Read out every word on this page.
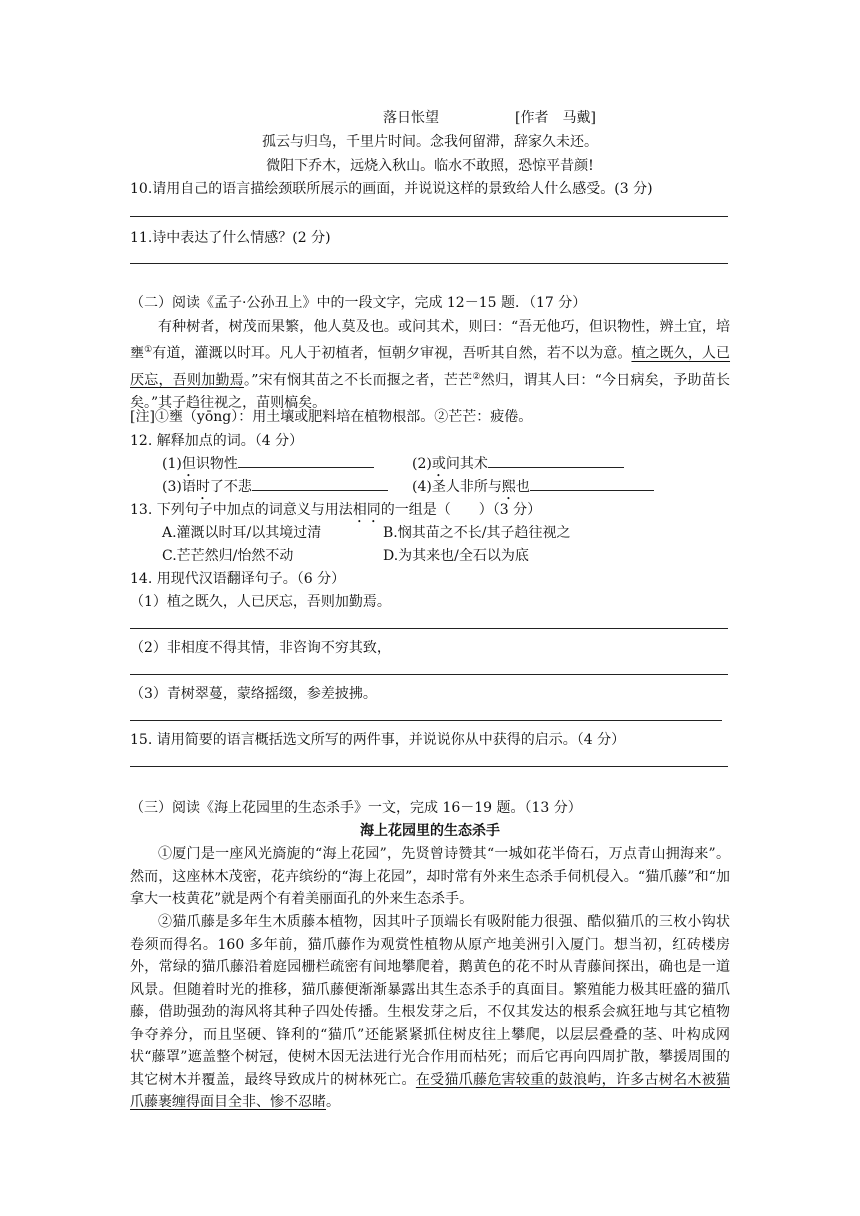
落日怅望	[作者　马戴]
孤云与归鸟，千里片时间。念我何留滞，辞家久未还。
微阳下乔木，远烧入秋山。临水不敢照，恐惊平昔颜!
10.请用自己的语言描绘颈联所展示的画面，并说说这样的景致给人什么感受。(3 分)
11.诗中表达了什么情感？(2 分)
（二）阅读《孟子·公孙丑上》中的一段文字，完成 12－15 题．（17 分）
有种树者，树茂而果繁，他人莫及也。或问其术，则曰：“吾无他巧，但识物性，辨土宜，培壅①有道，灌溉以时耳。凡人于初植者，恒朝夕审视，吾听其自然，若不以为意。植之既久，人已厌忘，吾则加勤焉。”宋有悯其苗之不长而揠之者，芒芒②然归，谓其人曰：“今日病矣，予助苗长矣。”其子趋往视之，苗则槁矣。
[注]①壅（yōng）：用土壤或肥料培在植物根部。②芒芒：疲倦。
12. 解释加点的词。（4 分）
(1)但识物性	(2)或问其术
(3)语时了不悲	(4)圣人非所与熙也
13. 下列句子中加点的词意义与用法相同的一组是（　　）（3 分）
A.灌溉以时耳/以其境过清	B.悯其苗之不长/其子趋往视之
C.芒芒然归/怡然不动	D.为其来也/全石以为底
14. 用现代汉语翻译句子。（6 分）
（1）植之既久，人已厌忘，吾则加勤焉。
（2）非相度不得其情，非咨询不穷其致，
（3）青树翠蔓，蒙络摇缀，参差披拂。
15. 请用简要的语言概括选文所写的两件事，并说说你从中获得的启示。（4 分）
（三）阅读《海上花园里的生态杀手》一文，完成 16－19 题。（13 分）
海上花园里的生态杀手
①厦门是一座风光旖旎的“海上花园”，先贤曾诗赞其“一城如花半倚石，万点青山拥海来”。然而，这座林木茂密，花卉缤纷的“海上花园”，却时常有外来生态杀手伺机侵入。“猫爪藤”和“加拿大一枝黄花”就是两个有着美丽面孔的外来生态杀手。
②猫爪藤是多年生木质藤本植物，因其叶子顶端长有吸附能力很强、酷似猫爪的三枚小钩状卷须而得名。160 多年前，猫爪藤作为观赏性植物从原产地美洲引入厦门。想当初，红砖楼房外，常绿的猫爪藤沿着庭园栅栏疏密有间地攀爬着，鹅黄色的花不时从青藤间探出，确也是一道风景。但随着时光的推移，猫爪藤便渐渐暴露出其生态杀手的真面目。繁殖能力极其旺盛的猫爪藤，借助强劲的海风将其种子四处传播。生根发芽之后，不仅其发达的根系会疯狂地与其它植物争夺养分，而且坚硬、锋利的“猫爪”还能紧紧抓住树皮往上攀爬，以层层叠叠的茎、叶构成网状“藤罩”遮盖整个树冠，使树木因无法进行光合作用而枯死；而后它再向四周扩散，攀援周围的其它树木并覆盖，最终导致成片的树林死亡。在受猫爪藤危害较重的鼓浪屿，许多古树名木被猫爪藤裹缠得面目全非、惨不忍睹。
